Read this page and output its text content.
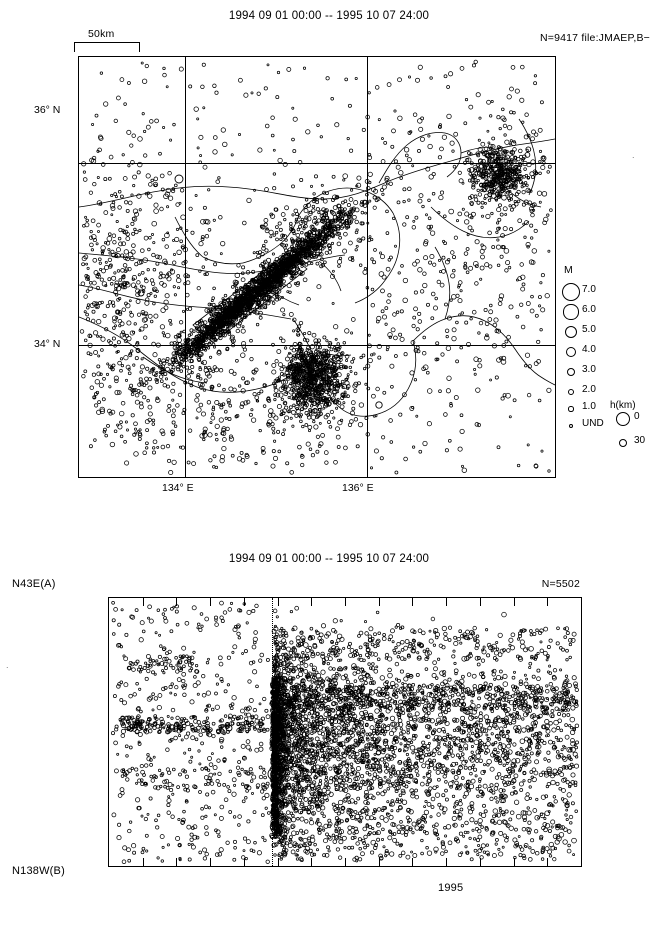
1994 09 01 00:00 -- 1995 10 07 24:00
N=9417 file:JMAEP,B−
50km
36° N
34° N
134° E	136° E
M
h(km)
7.0
6.0
5.0
4.0
3.0
2.0
1.0
UND
0
30
1994 09 01 00:00 -- 1995 10 07 24:00
N43E(A)
N138W(B)
N=5502
1995
.
.
